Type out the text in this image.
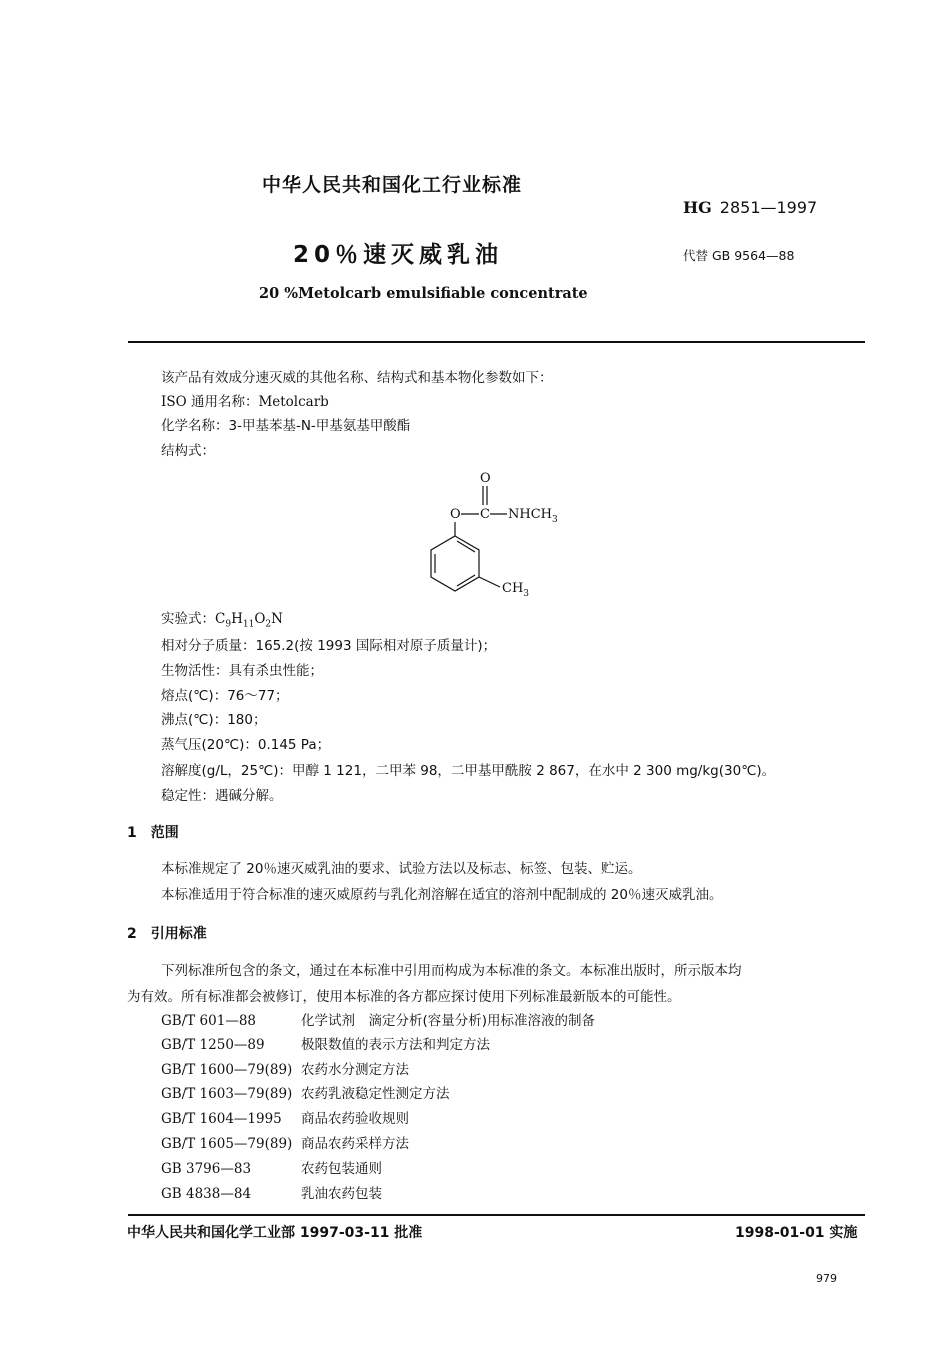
中华人民共和国化工行业标准
HG 2851—1997
20％速灭威乳油	代替 GB 9564—88
20 %Metolcarb emulsifiable concentrate
该产品有效成分速灭威的其他名称、结构式和基本物化参数如下：
ISO 通用名称：Metolcarb
化学名称：3-甲基苯基-N-甲基氨基甲酸酯
结构式：
O
O C $NHCH_3$
$CH_3$
实验式：$C_9H_{11}O_2N$
相对分子质量：165.2(按 1993 国际相对原子质量计)；
生物活性：具有杀虫性能；
熔点(℃)：76～77；
沸点(℃)：180；
蒸气压(20℃)：0.145 Pa；
溶解度(g/L，25℃)：甲醇 1 121，二甲苯 98，二甲基甲酰胺 2 867，在水中 2 300 mg/kg(30℃)。
稳定性：遇碱分解。
1　 范围
本标准规定了 20％速灭威乳油的要求、试验方法以及标志、标签、包装、贮运。
本标准适用于符合标准的速灭威原药与乳化剂溶解在适宜的溶剂中配制成的 20％速灭威乳油。
2　 引用标准
下列标准所包含的条文，通过在本标准中引用而构成为本标准的条文。本标准出版时，所示版本均
为有效。所有标准都会被修订，使用本标准的各方都应探讨使用下列标准最新版本的可能性。
GB/T 601—88	化学试剂　滴定分析(容量分析)用标准溶液的制备
GB/T 1250—89	极限数值的表示方法和判定方法
GB/T 1600—79(89) 农药水分测定方法
GB/T 1603—79(89) 农药乳液稳定性测定方法
GB/T 1604—1995 商品农药验收规则
GB/T 1605—79(89) 商品农药采样方法
GB 3796—83	农药包装通则
GB 4838—84	乳油农药包装
中华人民共和国化学工业部 1997-03-11 批准	1998-01-01 实施
979
